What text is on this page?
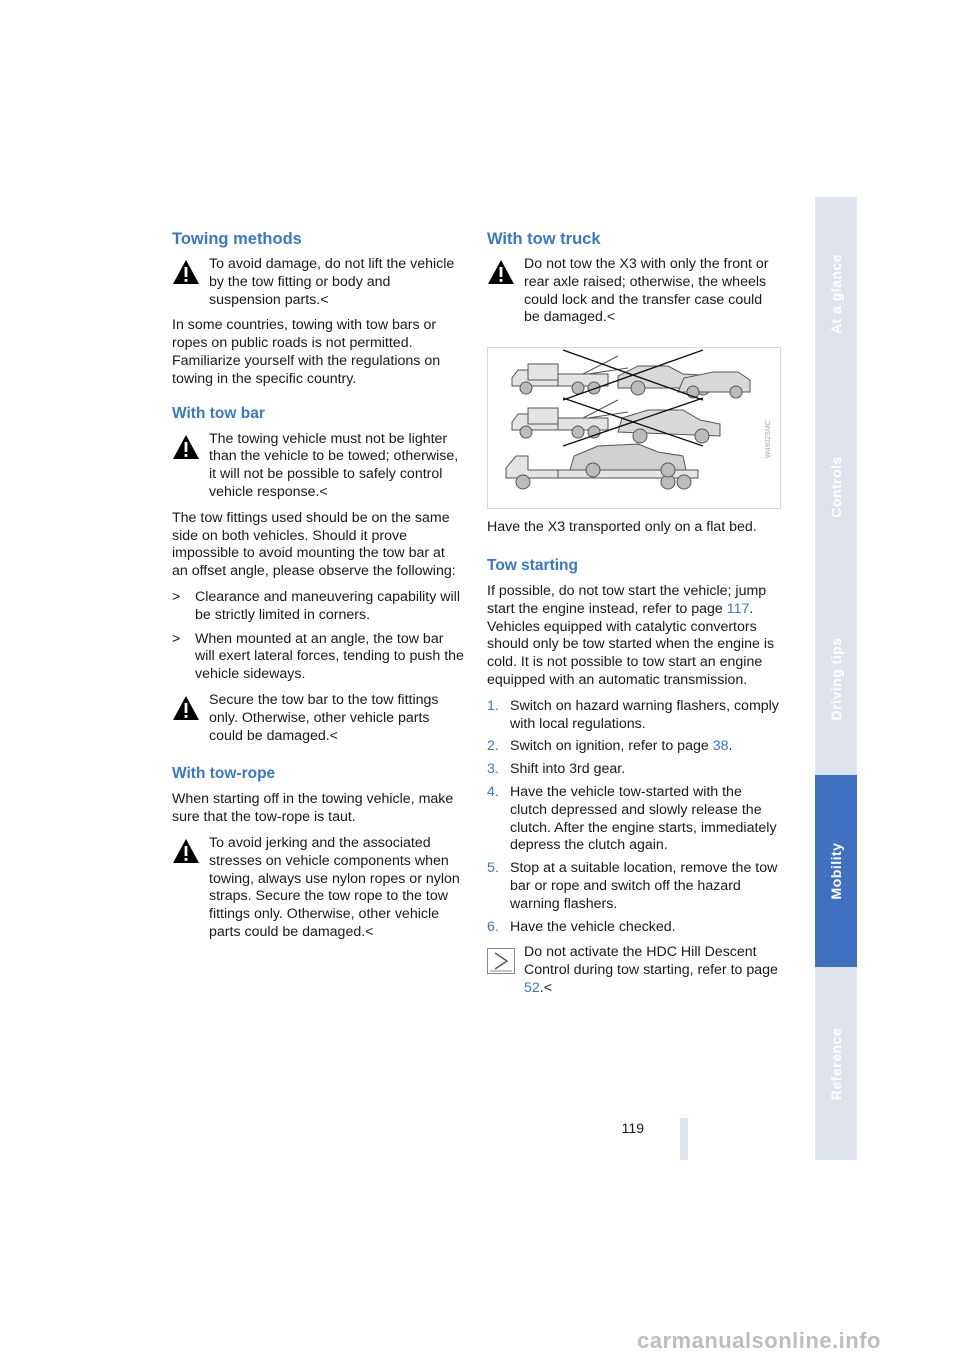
Towing methods
To avoid damage, do not lift the vehicle by the tow fitting or body and suspension parts.<

In some countries, towing with tow bars or ropes on public roads is not permitted. Familiarize yourself with the regulations on towing in the specific country.

With tow bar
The towing vehicle must not be lighter than the vehicle to be towed; otherwise, it will not be possible to safely control vehicle response.<

The tow fittings used should be on the same side on both vehicles. Should it prove impossible to avoid mounting the tow bar at an offset angle, please observe the following:

> Clearance and maneuvering capability will be strictly limited in corners.
> When mounted at an angle, the tow bar will exert lateral forces, tending to push the vehicle sideways.
Secure the tow bar to the tow fittings only. Otherwise, other vehicle parts could be damaged.<
With tow-rope

When starting off in the towing vehicle, make sure that the tow-rope is taut.

To avoid jerking and the associated stresses on vehicle components when towing, always use nylon ropes or nylon straps. Secure the tow rope to the tow fittings only. Otherwise, other vehicle parts could be damaged.<
With tow truck
Do not tow the X3 with only the front or rear axle raised; otherwise, the wheels could lock and the transfer case could be damaged.<
W4902SMC

Have the X3 transported only on a flat bed.

Tow starting

If possible, do not tow start the vehicle; jump start the engine instead, refer to page 117. Vehicles equipped with catalytic convertors should only be tow started when the engine is cold. It is not possible to tow start an engine equipped with an automatic transmission.

1. Switch on hazard warning flashers, comply with local regulations.
2. Switch on ignition, refer to page 38.
3. Shift into 3rd gear.
4. Have the vehicle tow-started with the clutch depressed and slowly release the clutch. After the engine starts, immediately depress the clutch again.
5. Stop at a suitable location, remove the tow bar or rope and switch off the hazard warning flashers.
6. Have the vehicle checked.
Do not activate the HDC Hill Descent Control during tow starting, refer to page 52.<
At a glance
Controls
Driving tips
Mobility
Reference
119
carmanualsonline.info
